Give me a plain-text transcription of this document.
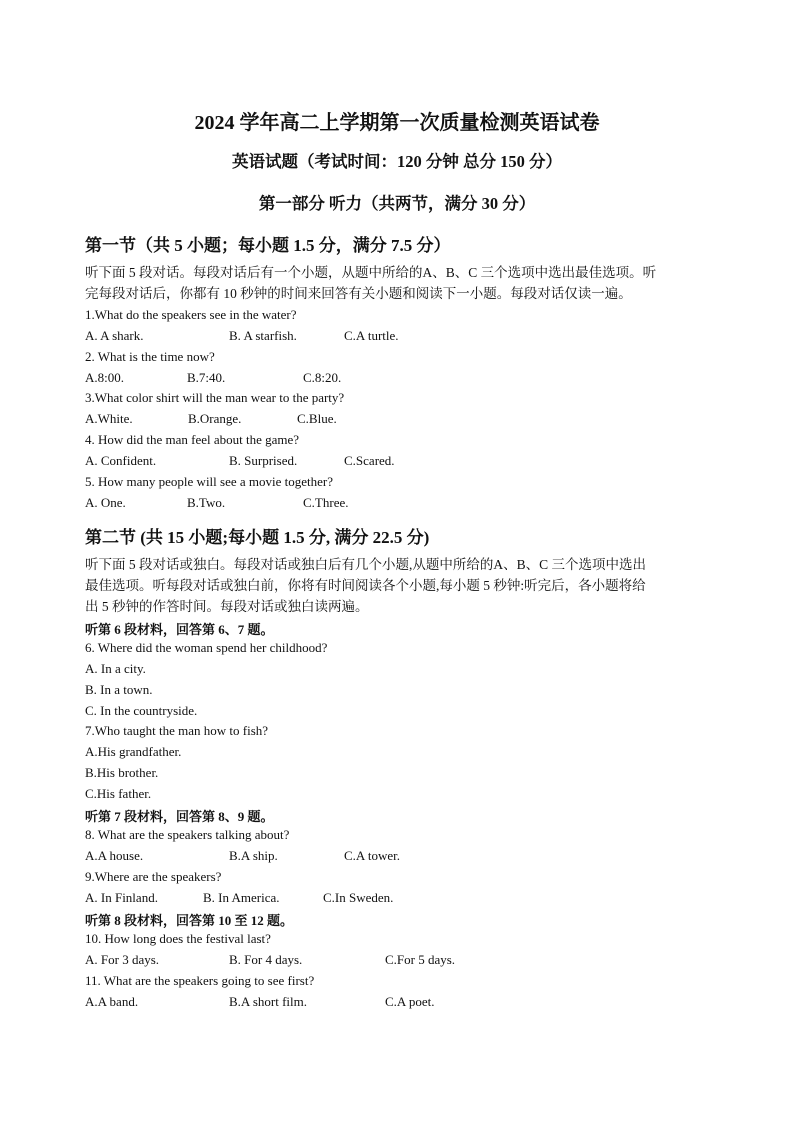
2024 学年高二上学期第一次质量检测英语试卷
英语试题（考试时间：120 分钟 总分 150 分）
第一部分 听力（共两节，满分 30 分）
第一节（共 5 小题；每小题 1.5 分，满分 7.5 分）
听下面 5 段对话。每段对话后有一个小题，从题中所给的A、B、C 三个选项中选出最佳选项。听
完每段对话后，你都有 10 秒钟的时间来回答有关小题和阅读下一小题。每段对话仅读一遍。
1.What do the speakers see in the water?
A. A shark.	B. A starfish.	C.A turtle.
2. What is the time now?
A.8:00.	B.7:40.	C.8:20.
3.What color shirt will the man wear to the party?
A.White.	B.Orange.	C.Blue.
4. How did the man feel about the game?
A. Confident.	B. Surprised.	C.Scared.
5. How many people will see a movie together?
A. One.	B.Two.	C.Three.
第二节 (共 15 小题;每小题 1.5 分, 满分 22.5 分)
听下面 5 段对话或独白。每段对话或独白后有几个小题,从题中所给的A、B、C 三个选项中选出
最佳选项。听每段对话或独白前，你将有时间阅读各个小题,每小题 5 秒钟:听完后，各小题将给
出 5 秒钟的作答时间。每段对话或独白读两遍。
听第 6 段材料，回答第 6、7 题。
6. Where did the woman spend her childhood?
A. In a city.
B. In a town.
C. In the countryside.
7.Who taught the man how to fish?
A.His grandfather.
B.His brother.
C.His father.
听第 7 段材料，回答第 8、9 题。
8. What are the speakers talking about?
A.A house.	B.A ship.	C.A tower.
9.Where are the speakers?
A. In Finland.	B. In America.	C.In Sweden.
听第 8 段材料，回答第 10 至 12 题。
10. How long does the festival last?
A. For 3 days.	B. For 4 days.	C.For 5 days.
11. What are the speakers going to see first?
A.A band.	B.A short film.	C.A poet.
